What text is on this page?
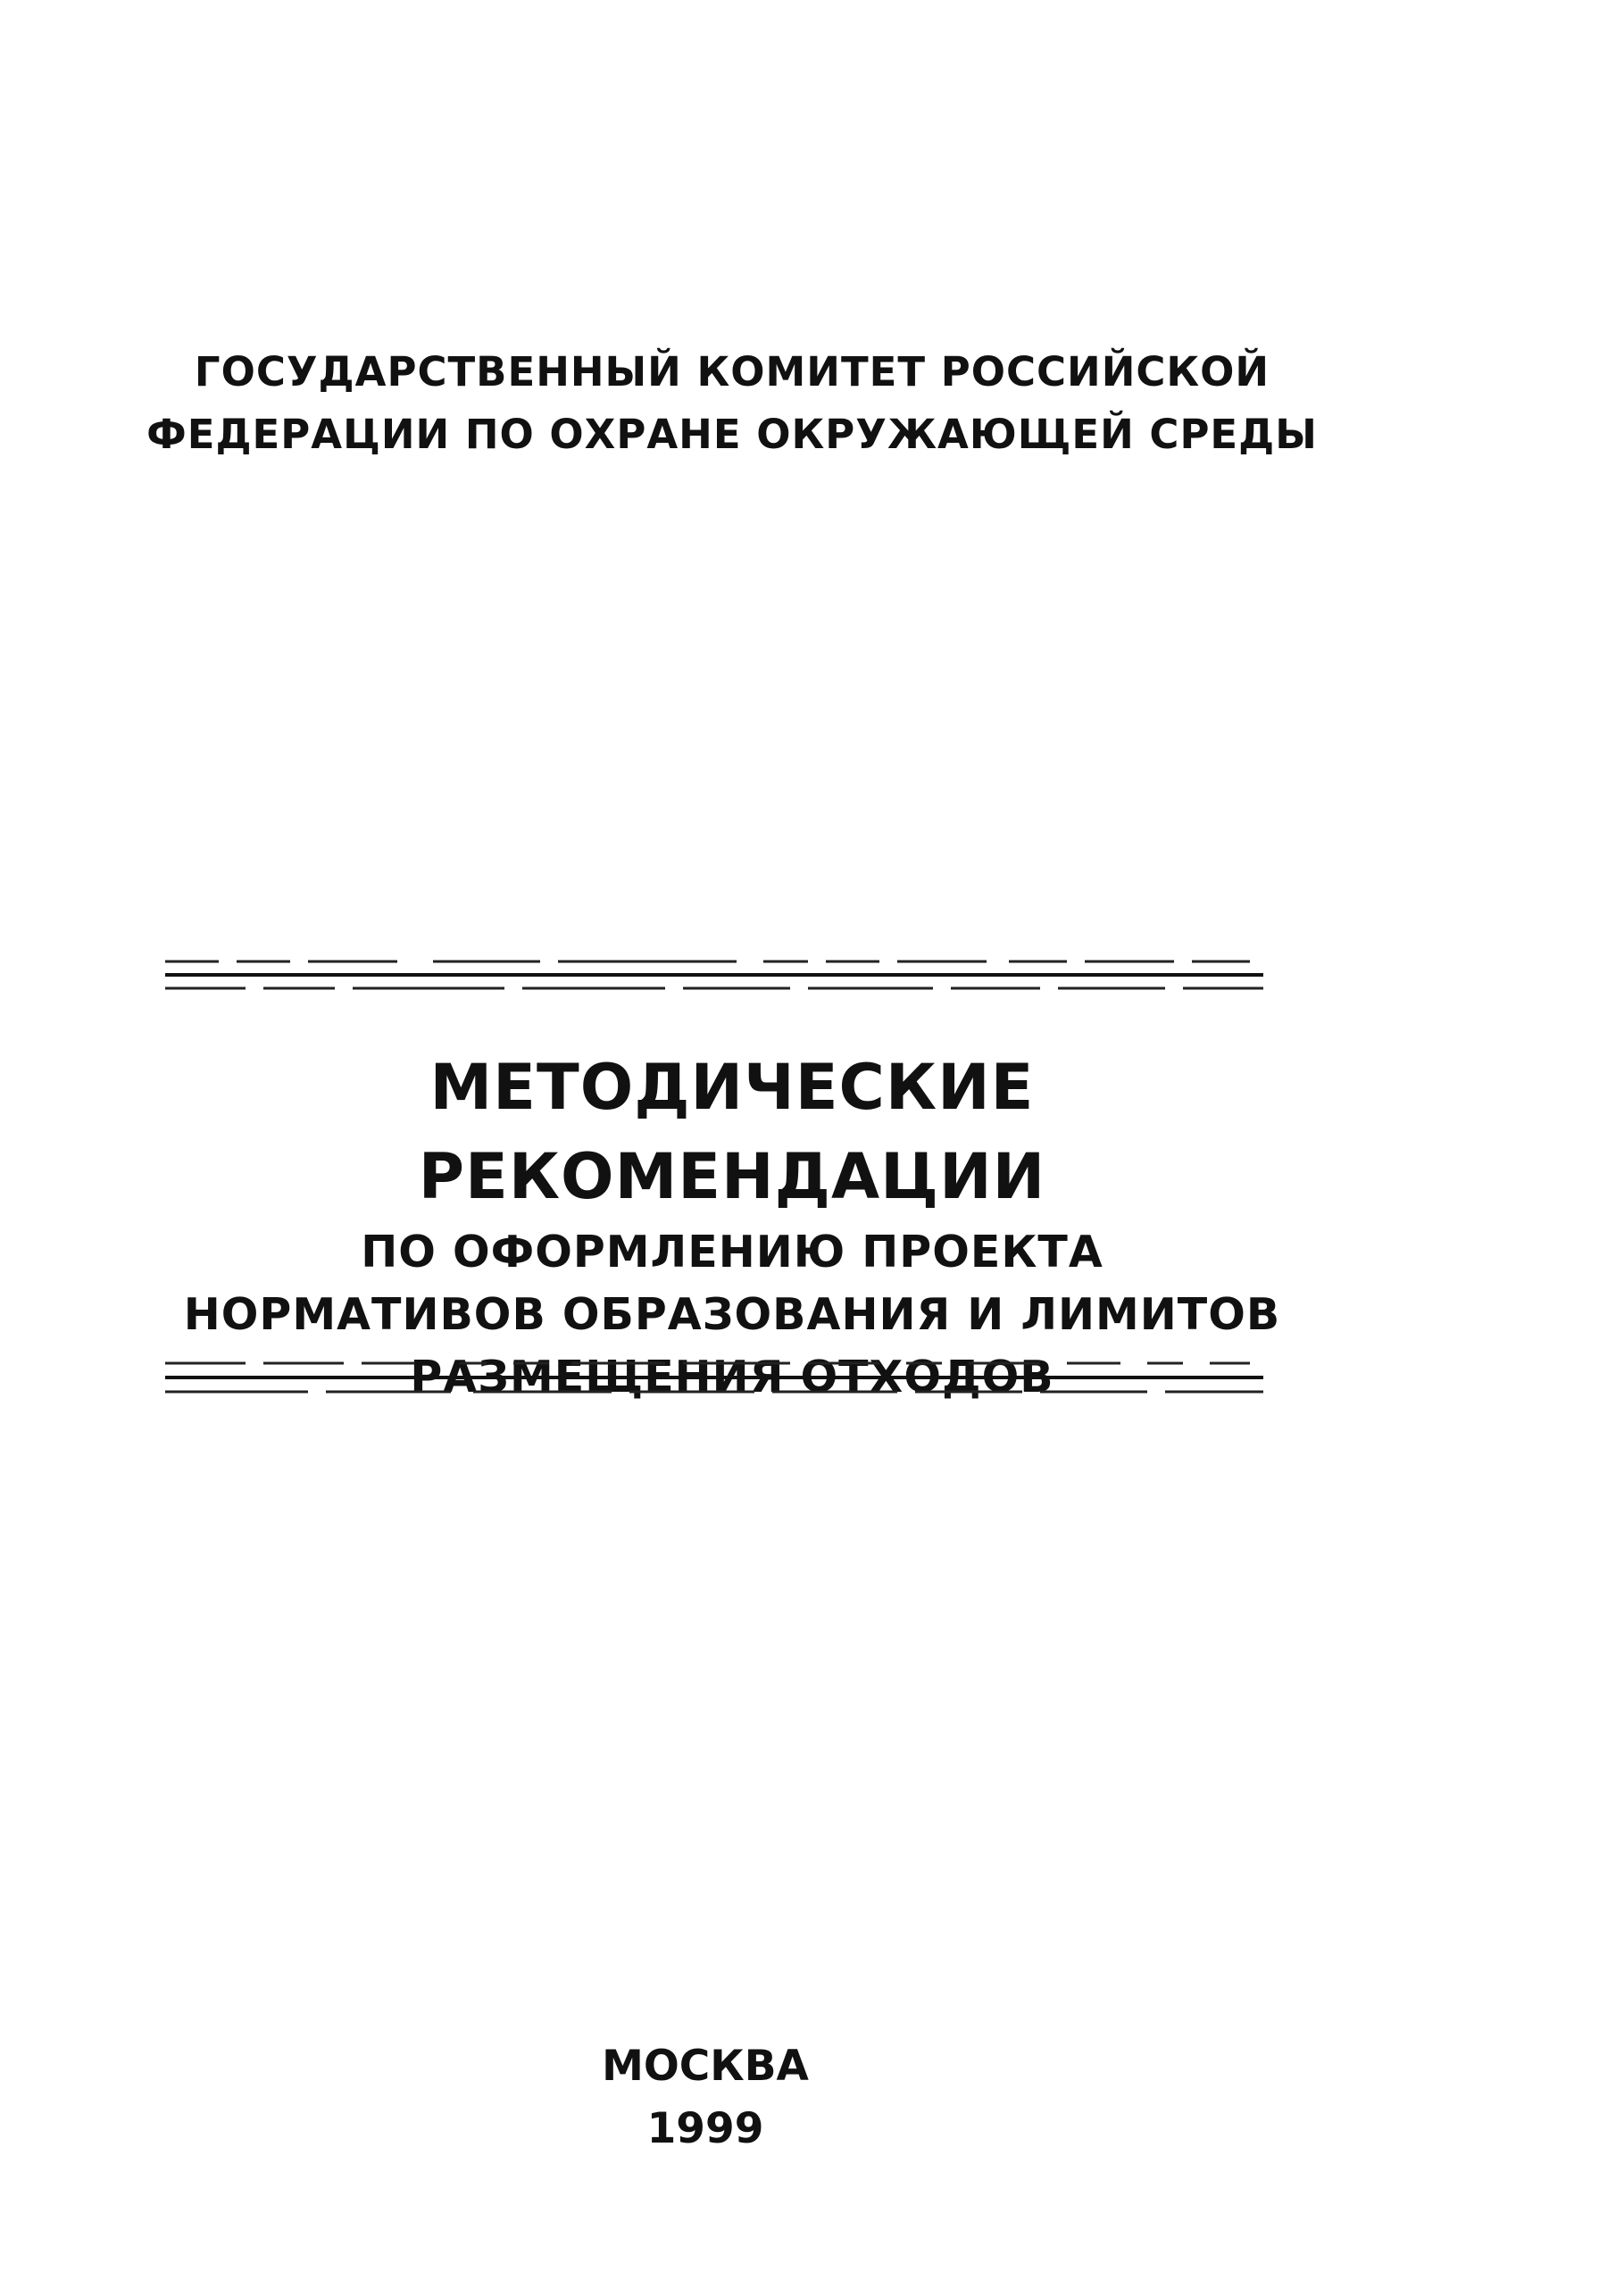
ГОСУДАРСТВЕННЫЙ КОМИТЕТ РОССИЙСКОЙ
ФЕДЕРАЦИИ ПО ОХРАНЕ ОКРУЖАЮЩЕЙ СРЕДЫ
МЕТОДИЧЕСКИЕ РЕКОМЕНДАЦИИ
ПО ОФОРМЛЕНИЮ ПРОЕКТА
НОРМАТИВОВ ОБРАЗОВАНИЯ И ЛИМИТОВ
РАЗМЕЩЕНИЯ ОТХОДОВ
МОСКВА
1999
